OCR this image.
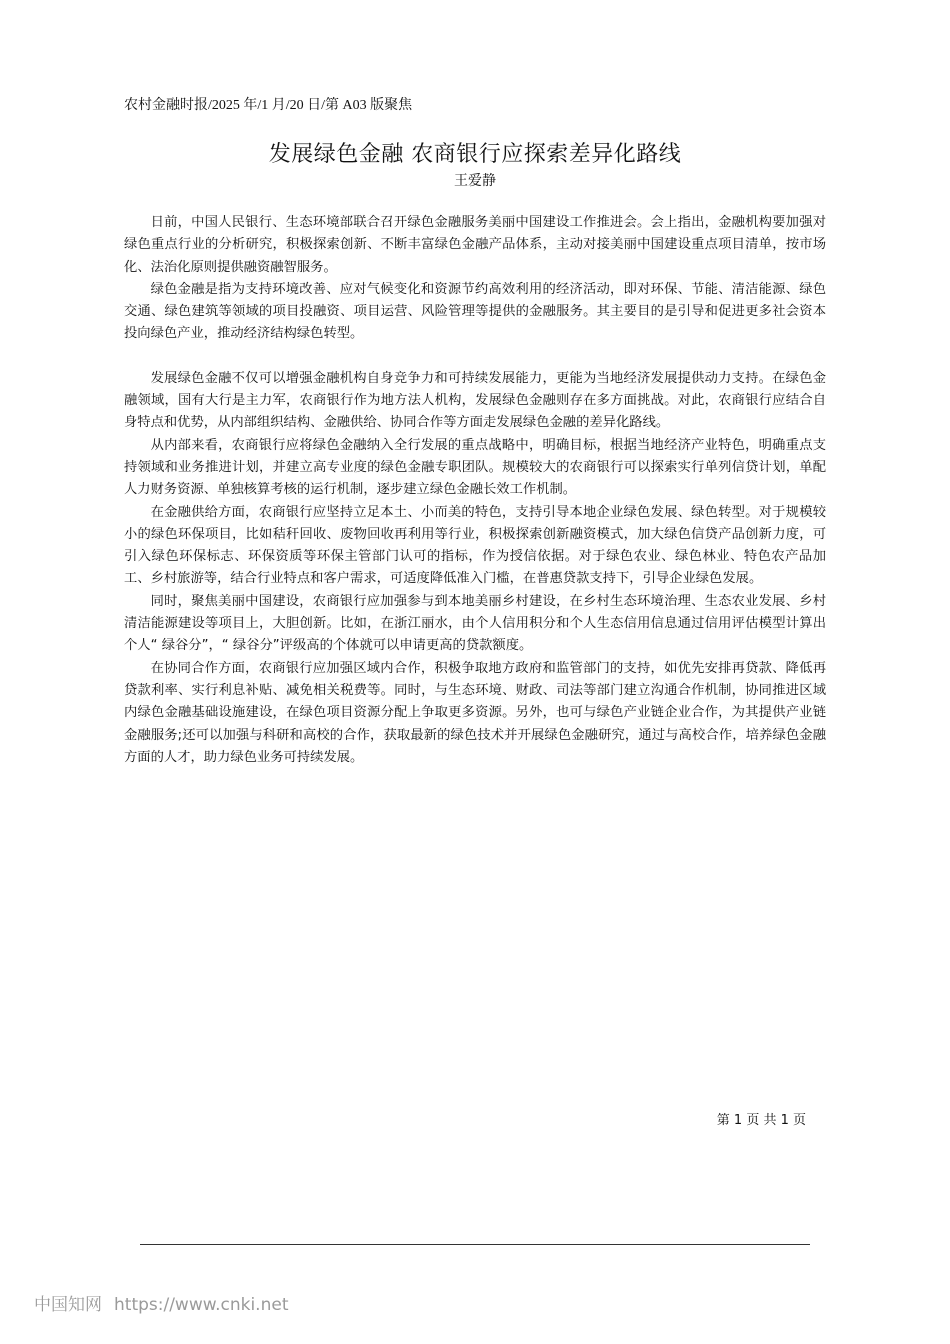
农村金融时报/2025 年/1 月/20 日/第 A03 版聚焦
发展绿色金融 农商银行应探索差异化路线
王爱静

日前，中国人民银行、生态环境部联合召开绿色金融服务美丽中国建设工作推进会。会上指出，金融机构要加强对绿色重点行业的分析研究，积极探索创新、不断丰富绿色金融产品体系，主动对接美丽中国建设重点项目清单，按市场化、法治化原则提供融资融智服务。

绿色金融是指为支持环境改善、应对气候变化和资源节约高效利用的经济活动，即对环保、节能、清洁能源、绿色交通、绿色建筑等领域的项目投融资、项目运营、风险管理等提供的金融服务。其主要目的是引导和促进更多社会资本投向绿色产业，推动经济结构绿色转型。

发展绿色金融不仅可以增强金融机构自身竞争力和可持续发展能力，更能为当地经济发展提供动力支持。在绿色金融领域，国有大行是主力军，农商银行作为地方法人机构，发展绿色金融则存在多方面挑战。对此，农商银行应结合自身特点和优势，从内部组织结构、金融供给、协同合作等方面走发展绿色金融的差异化路线。

从内部来看，农商银行应将绿色金融纳入全行发展的重点战略中，明确目标，根据当地经济产业特色，明确重点支持领域和业务推进计划，并建立高专业度的绿色金融专职团队。规模较大的农商银行可以探索实行单列信贷计划，单配人力财务资源、单独核算考核的运行机制，逐步建立绿色金融长效工作机制。

在金融供给方面，农商银行应坚持立足本土、小而美的特色，支持引导本地企业绿色发展、绿色转型。对于规模较小的绿色环保项目，比如秸秆回收、废物回收再利用等行业，积极探索创新融资模式，加大绿色信贷产品创新力度，可引入绿色环保标志、环保资质等环保主管部门认可的指标，作为授信依据。对于绿色农业、绿色林业、特色农产品加工、乡村旅游等，结合行业特点和客户需求，可适度降低准入门槛，在普惠贷款支持下，引导企业绿色发展。

同时，聚焦美丽中国建设，农商银行应加强参与到本地美丽乡村建设，在乡村生态环境治理、生态农业发展、乡村清洁能源建设等项目上，大胆创新。比如，在浙江丽水，由个人信用积分和个人生态信用信息通过信用评估模型计算出个人“ 绿谷分”，“ 绿谷分”评级高的个体就可以申请更高的贷款额度。

在协同合作方面，农商银行应加强区域内合作，积极争取地方政府和监管部门的支持，如优先安排再贷款、降低再贷款利率、实行利息补贴、减免相关税费等。同时，与生态环境、财政、司法等部门建立沟通合作机制，协同推进区域内绿色金融基础设施建设，在绿色项目资源分配上争取更多资源。另外，也可与绿色产业链企业合作，为其提供产业链金融服务;还可以加强与科研和高校的合作，获取最新的绿色技术并开展绿色金融研究，通过与高校合作，培养绿色金融方面的人才，助力绿色业务可持续发展。

第 1 页 共 1 页
中国知网 https://www.cnki.net
